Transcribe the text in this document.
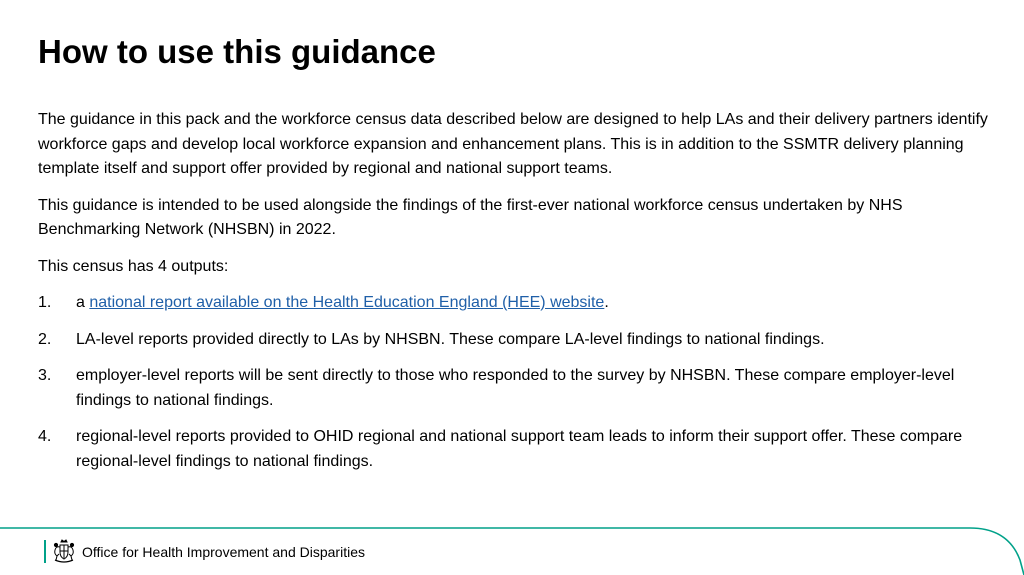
How to use this guidance

The guidance in this pack and the workforce census data described below are designed to help LAs and their delivery partners identify workforce gaps and develop local workforce expansion and enhancement plans. This is in addition to the SSMTR delivery planning template itself and support offer provided by regional and national support teams.

This guidance is intended to be used alongside the findings of the first-ever national workforce census undertaken by NHS Benchmarking Network (NHSBN) in 2022.

This census has 4 outputs:

1.	a national report available on the Health Education England (HEE) website.
2.	LA-level reports provided directly to LAs by NHSBN. These compare LA-level findings to national findings.
3.	employer-level reports will be sent directly to those who responded to the survey by NHSBN. These compare employer-level findings to national findings.
4.	regional-level reports provided to OHID regional and national support team leads to inform their support offer. These compare regional-level findings to national findings.
Office for Health Improvement and Disparities
